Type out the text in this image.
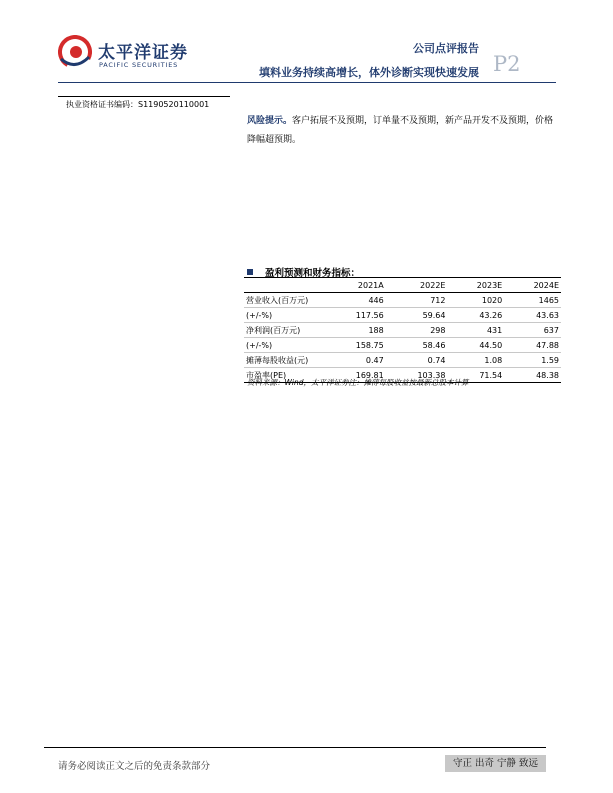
太平洋证券
PACIFIC SECURITIES
公司点评报告
填料业务持续高增长，体外诊断实现快速发展 P2
执业资格证书编码：S1190520110001
风险提示。客户拓展不及预期，订单量不及预期，新产品开发不及预期，价格降幅超预期。
盈利预测和财务指标：
	2021A	2022E	2023E	2024E
营业收入(百万元)	446	712	1020	1465
(+/-%)	117.56	59.64	43.26	43.63
净利润(百万元)	188	298	431	637
(+/-%)	158.75	58.46	44.50	47.88
摊薄每股收益(元)	0.47	0.74	1.08	1.59
市盈率(PE)	169.81	103.38	71.54	48.38
资料来源：Wind，太平洋证券注：摊薄每股收益按最新总股本计算
请务必阅读正文之后的免责条款部分	守正 出奇 宁静 致远
